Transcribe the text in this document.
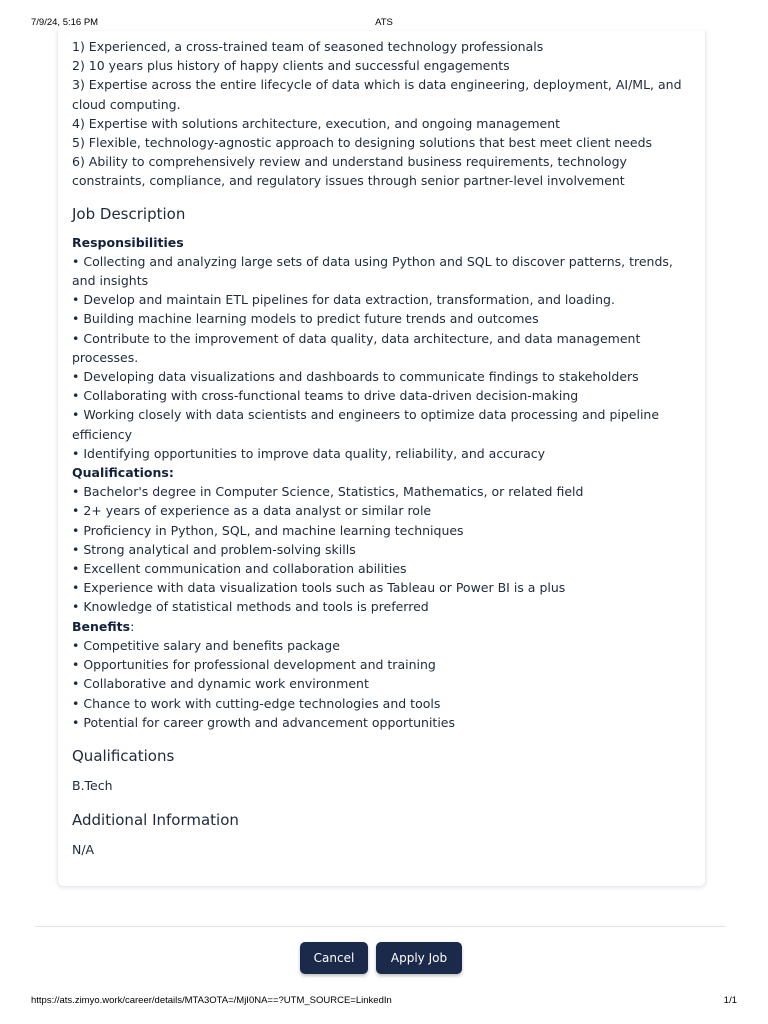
7/9/24, 5:16 PM	ATS
1) Experienced, a cross-trained team of seasoned technology professionals
2) 10 years plus history of happy clients and successful engagements
3) Expertise across the entire lifecycle of data which is data engineering, deployment, AI/ML, and cloud computing.
4) Expertise with solutions architecture, execution, and ongoing management
5) Flexible, technology-agnostic approach to designing solutions that best meet client needs
6) Ability to comprehensively review and understand business requirements, technology constraints, compliance, and regulatory issues through senior partner-level involvement
Job Description
Responsibilities
• Collecting and analyzing large sets of data using Python and SQL to discover patterns, trends, and insights
• Develop and maintain ETL pipelines for data extraction, transformation, and loading.
• Building machine learning models to predict future trends and outcomes
• Contribute to the improvement of data quality, data architecture, and data management processes.
• Developing data visualizations and dashboards to communicate findings to stakeholders
• Collaborating with cross-functional teams to drive data-driven decision-making
• Working closely with data scientists and engineers to optimize data processing and pipeline efficiency
• Identifying opportunities to improve data quality, reliability, and accuracy
Qualifications:
• Bachelor's degree in Computer Science, Statistics, Mathematics, or related field
• 2+ years of experience as a data analyst or similar role
• Proficiency in Python, SQL, and machine learning techniques
• Strong analytical and problem-solving skills
• Excellent communication and collaboration abilities
• Experience with data visualization tools such as Tableau or Power BI is a plus
• Knowledge of statistical methods and tools is preferred
Benefits:
• Competitive salary and benefits package
• Opportunities for professional development and training
• Collaborative and dynamic work environment
• Chance to work with cutting-edge technologies and tools
• Potential for career growth and advancement opportunities
Qualifications

B.Tech

Additional Information

N/A

Cancel	Apply Job
https://ats.zimyo.work/career/details/MTA3OTA=/MjI0NA==?UTM_SOURCE=LinkedIn	1/1
